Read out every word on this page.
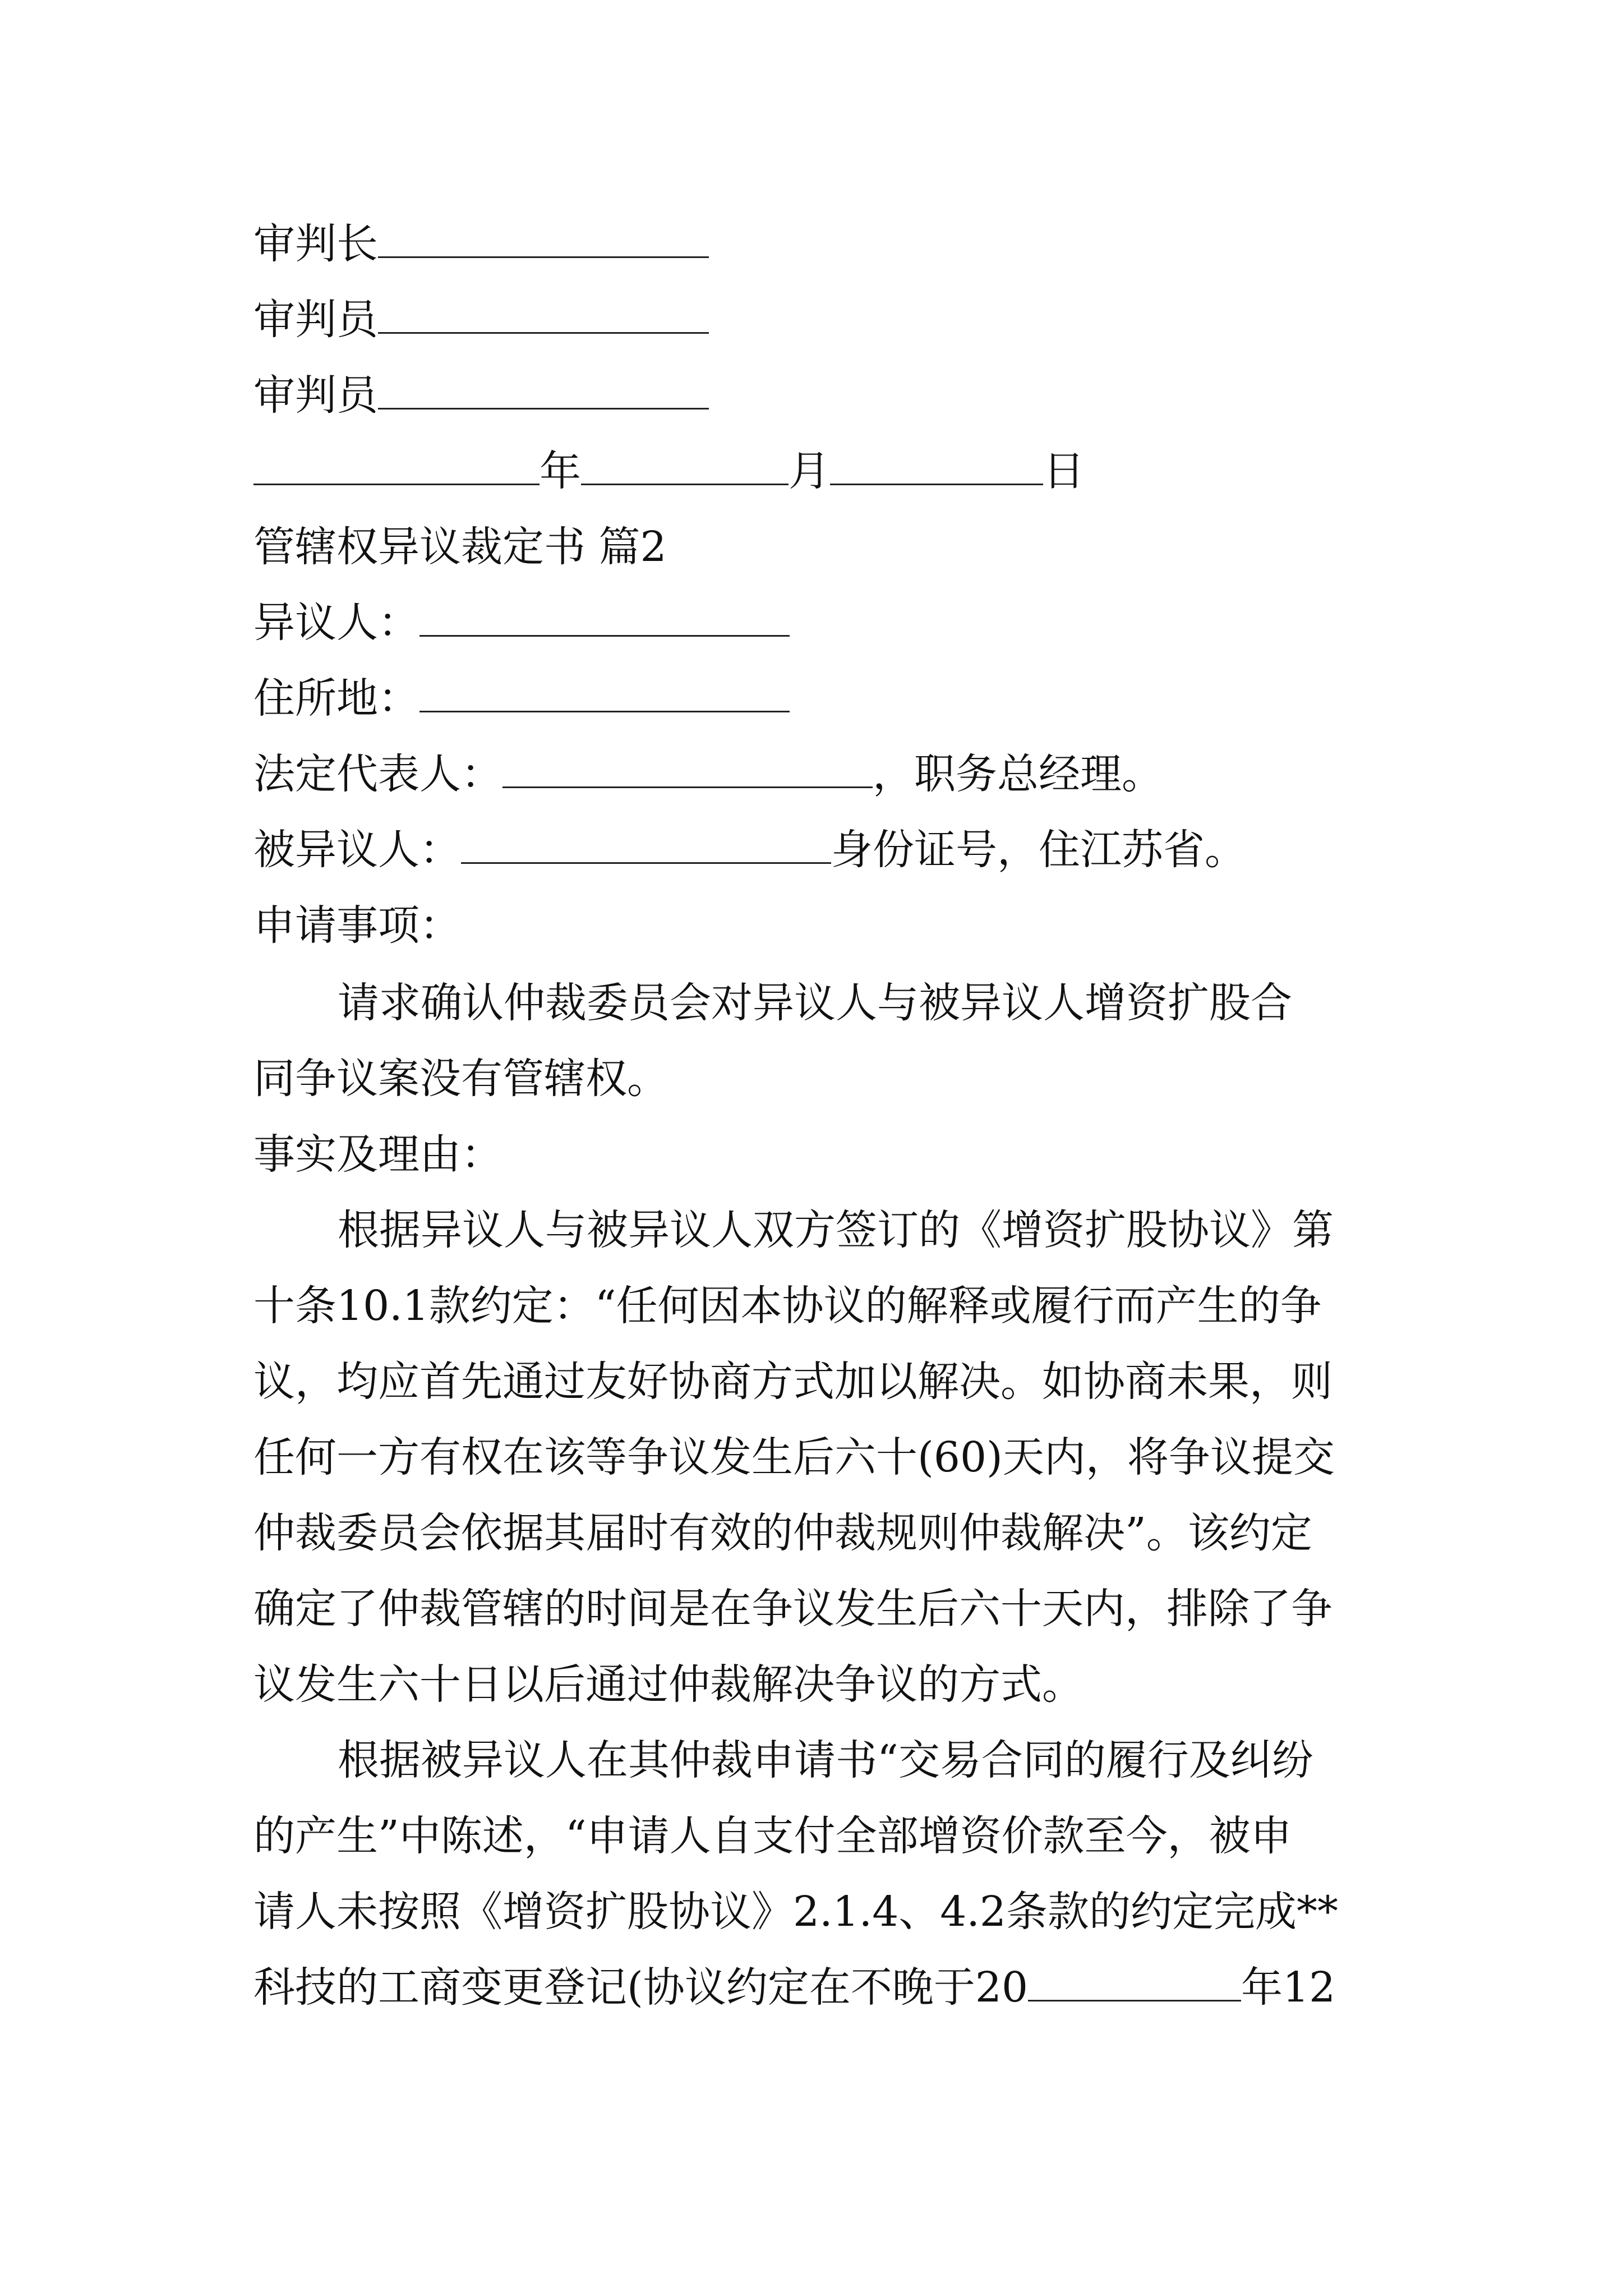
审判长
审判员
审判员
年	月	日
管辖权异议裁定书 篇2
异议人：
住所地：
法定代表人：	，职务总经理。
被异议人：	身份证号，住江苏省。
申请事项：
请求确认仲裁委员会对异议人与被异议人增资扩股合
同争议案没有管辖权。
事实及理由：
根据异议人与被异议人双方签订的《增资扩股协议》第
十条10.1款约定：“任何因本协议的解释或履行而产生的争
议，均应首先通过友好协商方式加以解决。如协商未果，则
任何一方有权在该等争议发生后六十(60)天内，将争议提交
仲裁委员会依据其届时有效的仲裁规则仲裁解决”。该约定
确定了仲裁管辖的时间是在争议发生后六十天内，排除了争
议发生六十日以后通过仲裁解决争议的方式。
根据被异议人在其仲裁申请书“交易合同的履行及纠纷
的产生”中陈述，“申请人自支付全部增资价款至今，被申
请人未按照《增资扩股协议》2.1.4、4.2条款的约定完成**
科技的工商变更登记(协议约定在不晚于20	年12
